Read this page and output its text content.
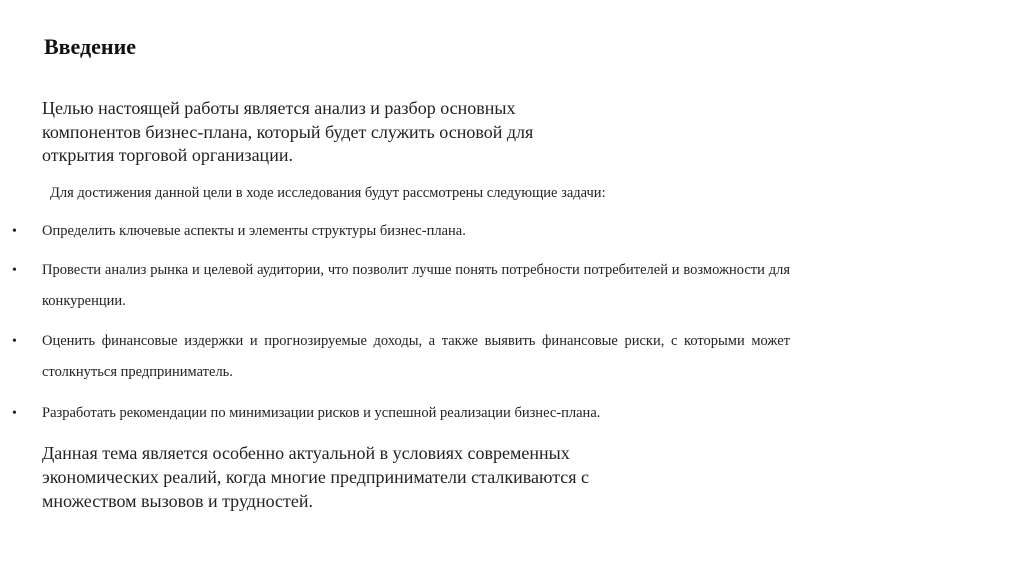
Введение

Целью настоящей работы является анализ и разбор основных компонентов бизнес-плана, который будет служить основой для открытия торговой организации.

Для достижения данной цели в ходе исследования будут рассмотрены следующие задачи:

• Определить ключевые аспекты и элементы структуры бизнес-плана.
• Провести анализ рынка и целевой аудитории, что позволит лучше понять потребности потребителей и возможности для конкуренции.
• Оценить финансовые издержки и прогнозируемые доходы, а также выявить финансовые риски, с которыми может столкнуться предприниматель.
• Разработать рекомендации по минимизации рисков и успешной реализации бизнес-плана.

Данная тема является особенно актуальной в условиях современных экономических реалий, когда многие предприниматели сталкиваются с множеством вызовов и трудностей.
